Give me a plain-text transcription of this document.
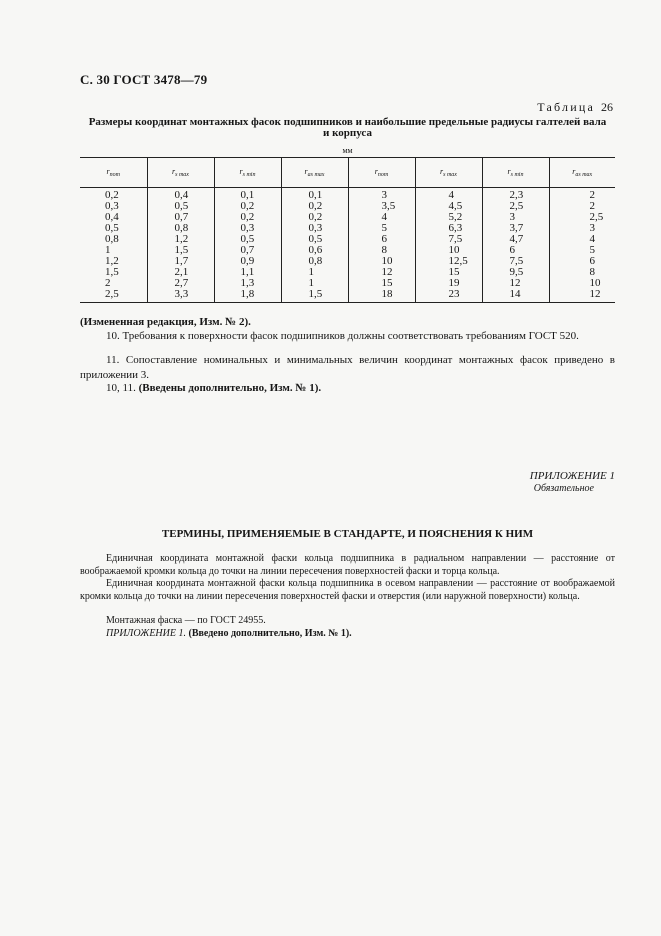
С. 30 ГОСТ 3478—79
Таблица 26
Размеры координат монтажных фасок подшипников и наибольшие предельные радиусы галтелей вала
и корпуса
мм
$r_{nom}$	$r_{s max}$	$r_{s min}$	$r_{as max}$	$r_{nom}$	$r_{s max}$	$r_{s min}$	$r_{as max}$
0,2	0,4	0,1	0,1	3	4	2,3	2
0,3	0,5	0,2	0,2	3,5	4,5	2,5	2
0,4	0,7	0,2	0,2	4	5,2	3	2,5
0,5	0,8	0,3	0,3	5	6,3	3,7	3
0,8	1,2	0,5	0,5	6	7,5	4,7	4
1	1,5	0,7	0,6	8	10	6	5
1,2	1,7	0,9	0,8	10	12,5	7,5	6
1,5	2,1	1,1	1	12	15	9,5	8
2	2,7	1,3	1	15	19	12	10
2,5	3,3	1,8	1,5	18	23	14	12
(Измененная редакция, Изм. № 2).
10. Требования к поверхности фасок подшипников должны соответствовать требованиям ГОСТ 520.
11. Сопоставление номинальных и минимальных величин координат монтажных фасок приведено в приложении 3.
10, 11. (Введены дополнительно, Изм. № 1).
ПРИЛОЖЕНИЕ 1
Обязательное
ТЕРМИНЫ, ПРИМЕНЯЕМЫЕ В СТАНДАРТЕ, И ПОЯСНЕНИЯ К НИМ
Единичная координата монтажной фаски кольца подшипника в радиальном направлении — расстояние от воображаемой кромки кольца до точки на линии пересечения поверхностей фаски и торца кольца.
Единичная координата монтажной фаски кольца подшипника в осевом направлении — расстояние от воображаемой кромки кольца до точки на линии пересечения поверхностей фаски и отверстия (или наружной поверхности) кольца.
Монтажная фаска — по ГОСТ 24955.
ПРИЛОЖЕНИЕ 1. (Введено дополнительно, Изм. № 1).
